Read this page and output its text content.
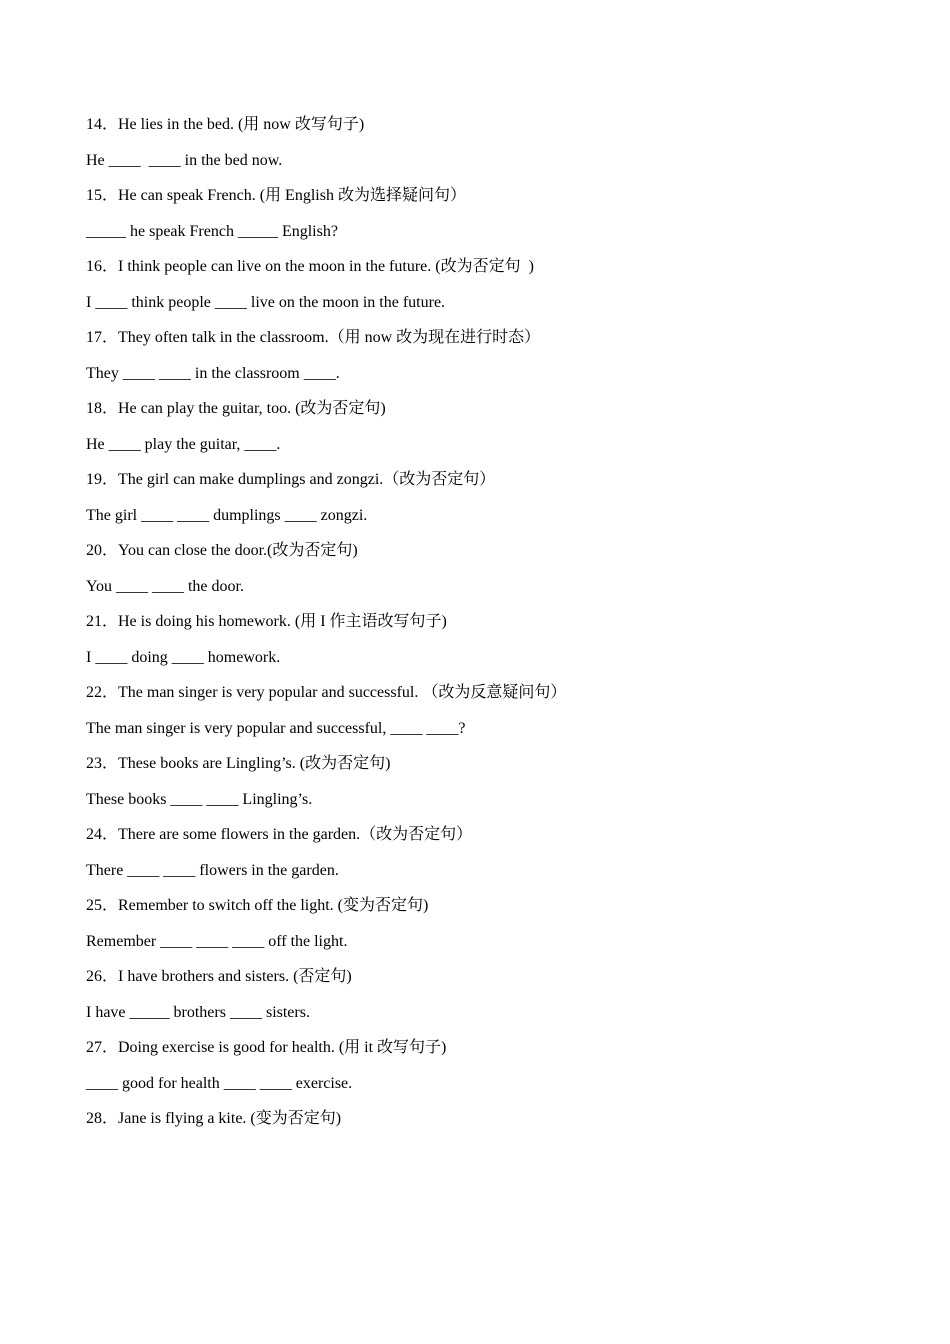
14．He lies in the bed. (用 now 改写句子)

He ____  ____ in the bed now.

15．He can speak French. (用 English 改为选择疑问句）

_____ he speak French _____ English?

16．I think people can live on the moon in the future. (改为否定句  )

I ____ think people ____ live on the moon in the future.

17．They often talk in the classroom.（用 now 改为现在进行时态）

They ____ ____ in the classroom ____.

18．He can play the guitar, too. (改为否定句)

He ____ play the guitar, ____.

19．The girl can make dumplings and zongzi.（改为否定句）

The girl ____ ____ dumplings ____ zongzi.

20．You can close the door.(改为否定句)

You ____ ____ the door.

21．He is doing his homework. (用 I 作主语改写句子)

I ____ doing ____ homework.

22．The man singer is very popular and successful. （改为反意疑问句）

The man singer is very popular and successful, ____ ____?

23．These books are Lingling’s. (改为否定句)

These books ____ ____ Lingling’s.

24．There are some flowers in the garden.（改为否定句）

There ____ ____ flowers in the garden.

25．Remember to switch off the light. (变为否定句)

Remember ____ ____ ____ off the light.

26．I have brothers and sisters. (否定句)

I have _____ brothers ____ sisters.

27．Doing exercise is good for health. (用 it 改写句子)

____ good for health ____ ____ exercise.

28．Jane is flying a kite. (变为否定句)
